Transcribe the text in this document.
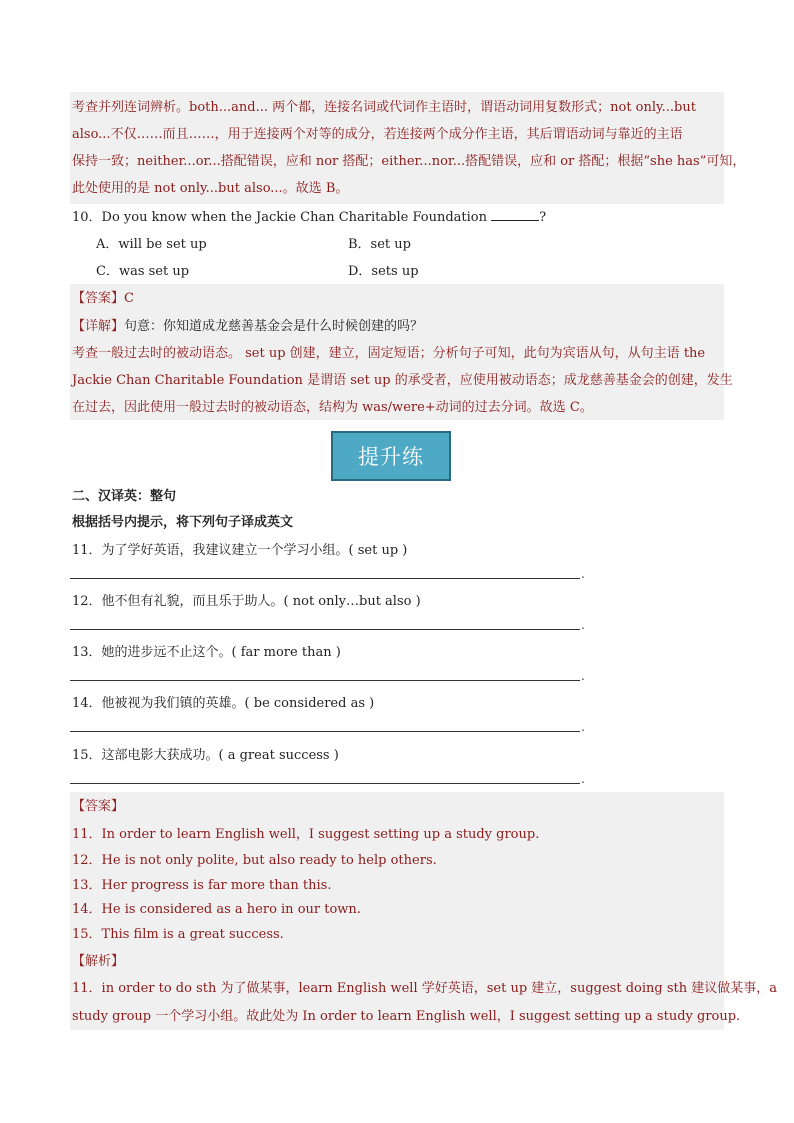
考查并列连词辨析。both...and... 两个都，连接名词或代词作主语时，谓语动词用复数形式；not only...but
also...不仅……而且……，用于连接两个对等的成分，若连接两个成分作主语，其后谓语动词与靠近的主语
保持一致；neither...or...搭配错误，应和 nor 搭配；either...nor...搭配错误，应和 or 搭配；根据“she has”可知，
此处使用的是 not only...but also...。故选 B。
10．Do you know when the Jackie Chan Charitable Foundation	?
A．will be set up	B．set up
C．was set up	D．sets up
【答案】C
【详解】句意：你知道成龙慈善基金会是什么时候创建的吗？
考查一般过去时的被动语态。 set up 创建，建立，固定短语；分析句子可知，此句为宾语从句，从句主语 the
Jackie Chan Charitable Foundation 是谓语 set up 的承受者，应使用被动语态；成龙慈善基金会的创建，发生
在过去，因此使用一般过去时的被动语态，结构为 was/were+动词的过去分词。故选 C。
提升练
二、汉译英：整句
根据括号内提示，将下列句子译成英文
11．为了学好英语，我建议建立一个学习小组。( set up )
.
12．他不但有礼貌，而且乐于助人。( not only…but also )
.
13．她的进步远不止这个。( far more than )
.
14．他被视为我们镇的英雄。( be considered as )
.
15．这部电影大获成功。( a great success )
.
【答案】
11．In order to learn English well，I suggest setting up a study group.
12．He is not only polite, but also ready to help others.
13．Her progress is far more than this.
14．He is considered as a hero in our town.
15．This film is a great success.
【解析】
11．in order to do sth 为了做某事，learn English well 学好英语，set up 建立，suggest doing sth 建议做某事，a
study group 一个学习小组。故此处为 In order to learn English well，I suggest setting up a study group.
